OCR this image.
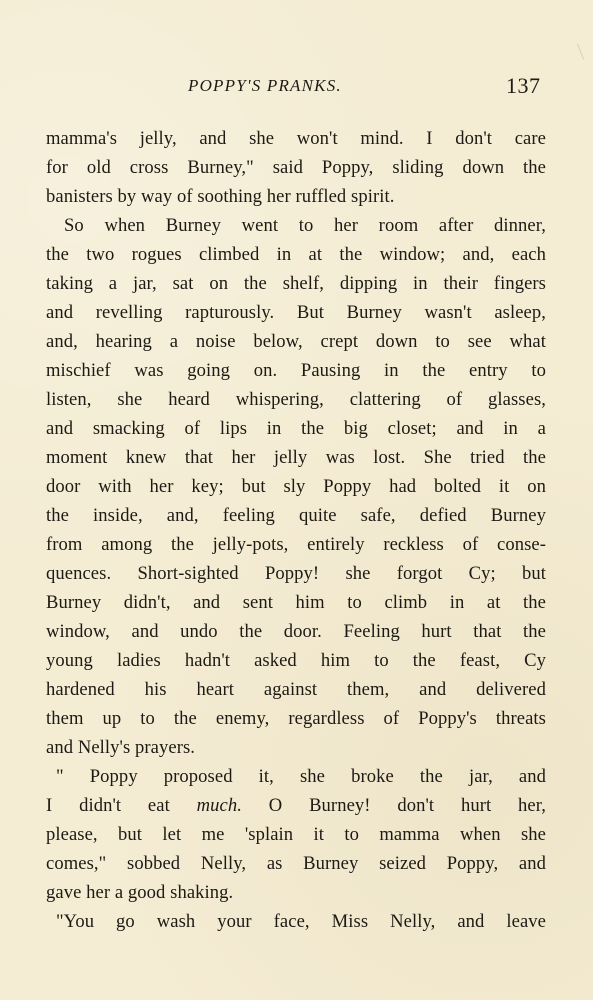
POPPY'S PRANKS.	137
mamma's jelly, and she won't mind. I don't care
for old cross Burney," said Poppy, sliding down the
banisters by way of soothing her ruffled spirit.
So when Burney went to her room after dinner,
the two rogues climbed in at the window; and, each
taking a jar, sat on the shelf, dipping in their fingers
and revelling rapturously. But Burney wasn't asleep,
and, hearing a noise below, crept down to see what
mischief was going on. Pausing in the entry to
listen, she heard whispering, clattering of glasses,
and smacking of lips in the big closet; and in a
moment knew that her jelly was lost. She tried the
door with her key; but sly Poppy had bolted it on
the inside, and, feeling quite safe, defied Burney
from among the jelly-pots, entirely reckless of conse-
quences. Short-sighted Poppy! she forgot Cy; but
Burney didn't, and sent him to climb in at the
window, and undo the door. Feeling hurt that the
young ladies hadn't asked him to the feast, Cy
hardened his heart against them, and delivered
them up to the enemy, regardless of Poppy's threats
and Nelly's prayers.
" Poppy proposed it, she broke the jar, and
I didn't eat much. O Burney! don't hurt her,
please, but let me 'splain it to mamma when she
comes," sobbed Nelly, as Burney seized Poppy, and
gave her a good shaking.
"You go wash your face, Miss Nelly, and leave
